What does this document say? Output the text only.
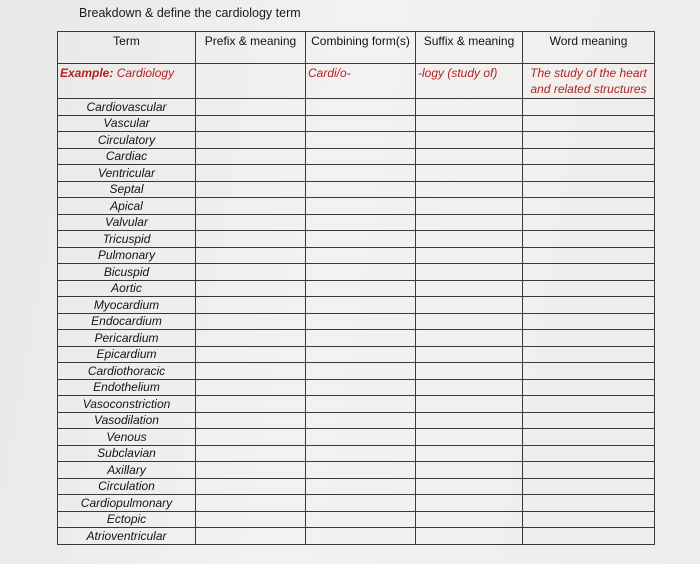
Breakdown & define the cardiology term
Term	Prefix & meaning	Combining form(s)	Suffix & meaning	Word meaning
Example: Cardiology		Cardi/o-	-logy (study of)	The study of the heart and related structures
Cardiovascular				
Vascular				
Circulatory				
Cardiac				
Ventricular				
Septal				
Apical				
Valvular				
Tricuspid				
Pulmonary				
Bicuspid				
Aortic				
Myocardium				
Endocardium				
Pericardium				
Epicardium				
Cardiothoracic				
Endothelium				
Vasoconstriction				
Vasodilation				
Venous				
Subclavian				
Axillary				
Circulation				
Cardiopulmonary				
Ectopic				
Atrioventricular				
